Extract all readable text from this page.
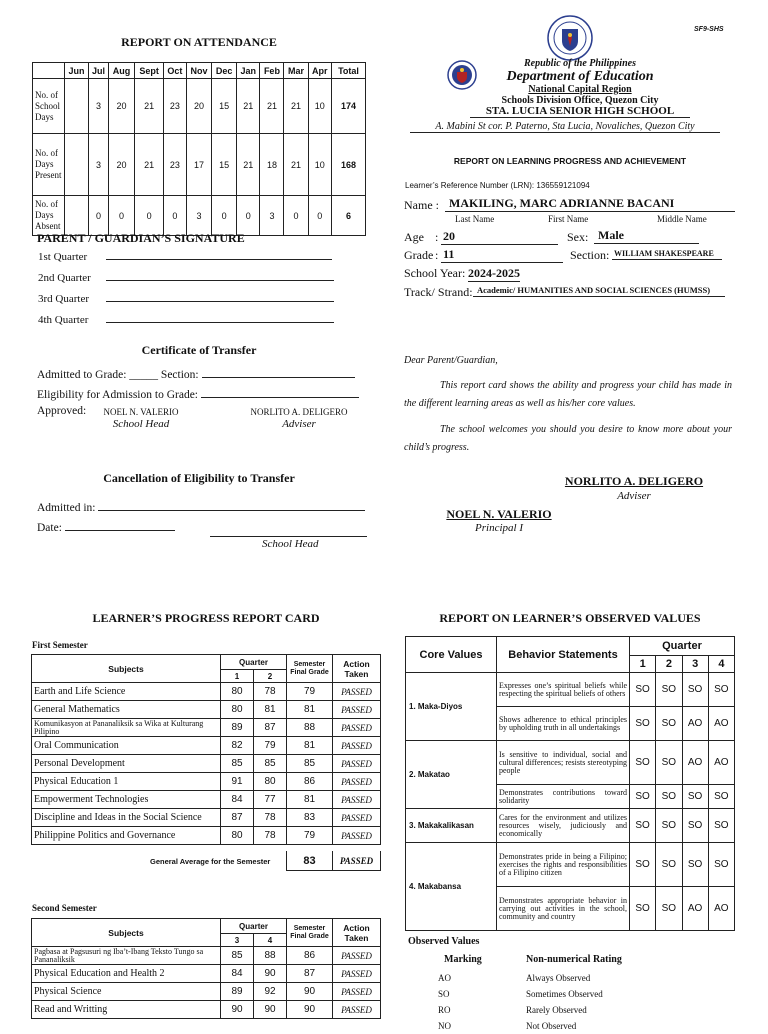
REPORT ON ATTENDANCE
	Jun	Jul	Aug	Sept	Oct	Nov	Dec	Jan	Feb	Mar	Apr	Total
No. of School Days		3	20	21	23	20	15	21	21	21	10	174
No. of Days Present		3	20	21	23	17	15	21	18	21	10	168
No. of Days Absent		0	0	0	0	3	0	0	3	0	0	6
PARENT / GUARDIAN’S SIGNATURE
1st Quarter
2nd Quarter
3rd Quarter
4th Quarter
Certificate of Transfer
Admitted to Grade: _____ Section:
Eligibility for Admission to Grade:
Approved:	NOEL N. VALERIO
School Head
NORLITO A. DELIGERO
Adviser
Cancellation of Eligibility to Transfer
Admitted in:
Date:
School Head
SF9-SHS
Republic of the Philippines
Department of Education
National Capital Region
Schools Division Office, Quezon City
STA. LUCIA SENIOR HIGH SCHOOL
A. Mabini St cor. P. Paterno, Sta Lucia, Novaliches, Quezon City
REPORT ON LEARNING PROGRESS AND ACHIEVEMENT
Learner’s Reference Number (LRN): 136559121094
Name : MAKILING, MARC ADRIANNE BACANI
Last Name	First Name	Middle Name
Age : 20	Sex: Male
Grade : 11	Section: WILLIAM SHAKESPEARE
School Year: 2024-2025
Track/ Strand: Academic/ HUMANITIES AND SOCIAL SCIENCES (HUMSS)
Dear Parent/Guardian,
This report card shows the ability and progress your child has made in the different learning areas as well as his/her core values.
The school welcomes you should you desire to know more about your child’s progress.
NORLITO A. DELIGERO
Adviser
NOEL N. VALERIO
Principal I
LEARNER’S PROGRESS REPORT CARD
First Semester
Subjects	Quarter		Semester Final Grade	Action Taken
	1	2		
Earth and Life Science	80	78	79	PASSED
General Mathematics	80	81	81	PASSED
Komunikasyon at Pananaliksik sa Wika at Kulturang Pilipino	89	87	88	PASSED
Oral Communication	82	79	81	PASSED
Personal Development	85	85	85	PASSED
Physical Education 1	91	80	86	PASSED
Empowerment Technologies	84	77	81	PASSED
Discipline and Ideas in the Social Science	87	78	83	PASSED
Philippine Politics and Governance	80	78	79	PASSED
General Average for the Semester	83	PASSED
Second Semester
Subjects	Quarter		Semester Final Grade	Action Taken
	3	4		
Pagbasa at Pagsusuri ng Iba’t-Ibang Teksto Tungo sa Pananaliksik	85	88	86	PASSED
Physical Education and Health 2	84	90	87	PASSED
Physical Science	89	92	90	PASSED
Read and Writting	90	90	90	PASSED
REPORT ON LEARNER’S OBSERVED VALUES
Core Values	Behavior Statements	Quarter			
		1	2	3	4
1. Maka-Diyos	Expresses one’s spiritual beliefs while respecting the spiritual beliefs of others	SO	SO	SO	SO
	Shows adherence to ethical principles by upholding truth in all undertakings	SO	SO	AO	AO
2. Makatao	Is sensitive to individual, social and cultural differences; resists stereotyping people	SO	SO	AO	AO
	Demonstrates contributions toward solidarity	SO	SO	SO	SO
3. Makakalikasan	Cares for the environment and utilizes resources wisely, judiciously and economically	SO	SO	SO	SO
4. Makabansa	Demonstrates pride in being a Filipino; exercises the rights and responsibilities of a Filipino citizen	SO	SO	SO	SO
	Demonstrates appropriate behavior in carrying out activities in the school, community and country	SO	SO	AO	AO
Observed Values
Marking	Non-numerical Rating
AO	Always Observed
SO	Sometimes Observed
RO	Rarely Observed
NO	Not Observed
